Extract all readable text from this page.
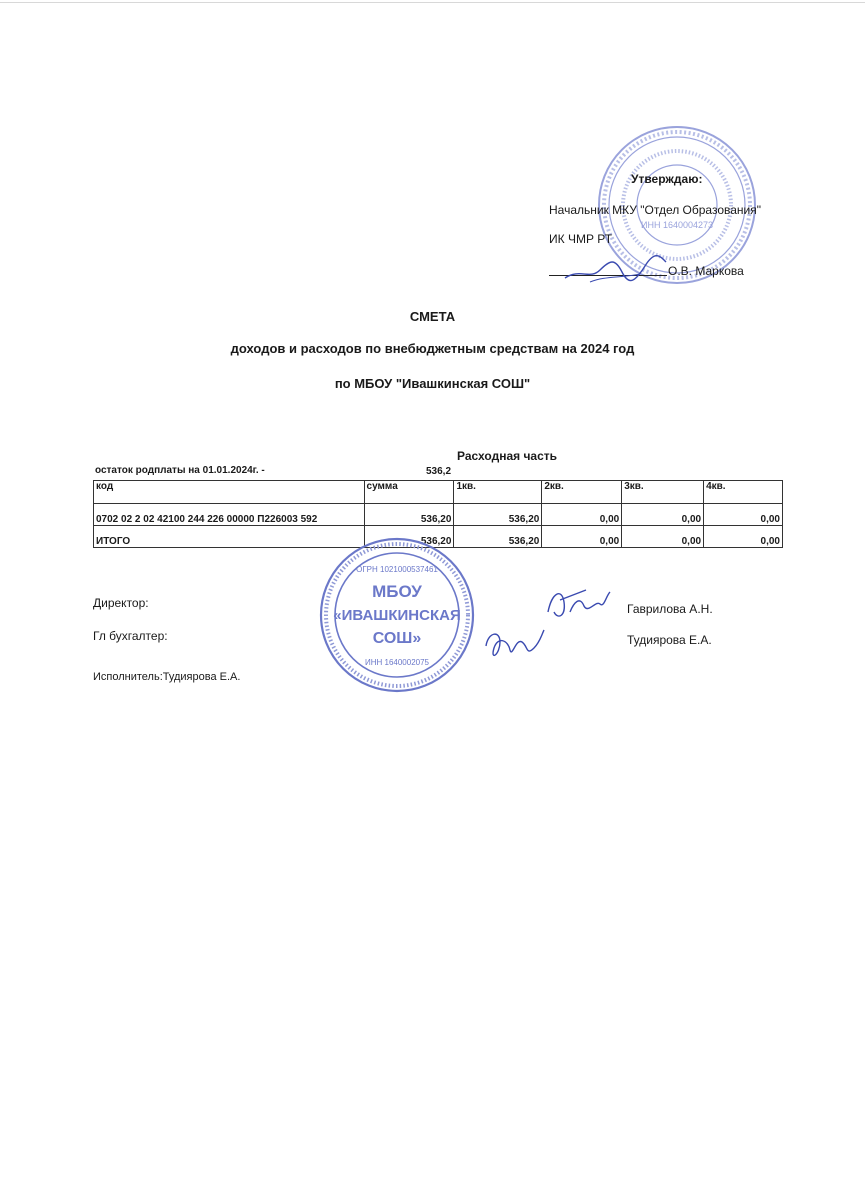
ИНН 1640004273
Утверждаю:
Начальник МКУ "Отдел Образования"
ИК ЧМР РТ
О.В. Маркова
СМЕТА
доходов и расходов по внебюджетным средствам на 2024 год
по МБОУ "Ивашкинская СОШ"
Расходная часть
остаток родплаты на 01.01.2024г. -	536,2
код	сумма	1кв.	2кв.	3кв.	4кв.
0702 02 2 02 42100 244 226 00000 П226003 592	536,20	536,20	0,00	0,00	0,00
ИТОГО	536,20	536,20	0,00	0,00	0,00
МБОУ
«ИВАШКИНСКАЯ
СОШ»
ОГРН 1021000537461
ИНН 1640002075
Директор:	Гаврилова А.Н.
Гл бухгалтер:	Тудиярова Е.А.
Исполнитель:Тудиярова Е.А.
